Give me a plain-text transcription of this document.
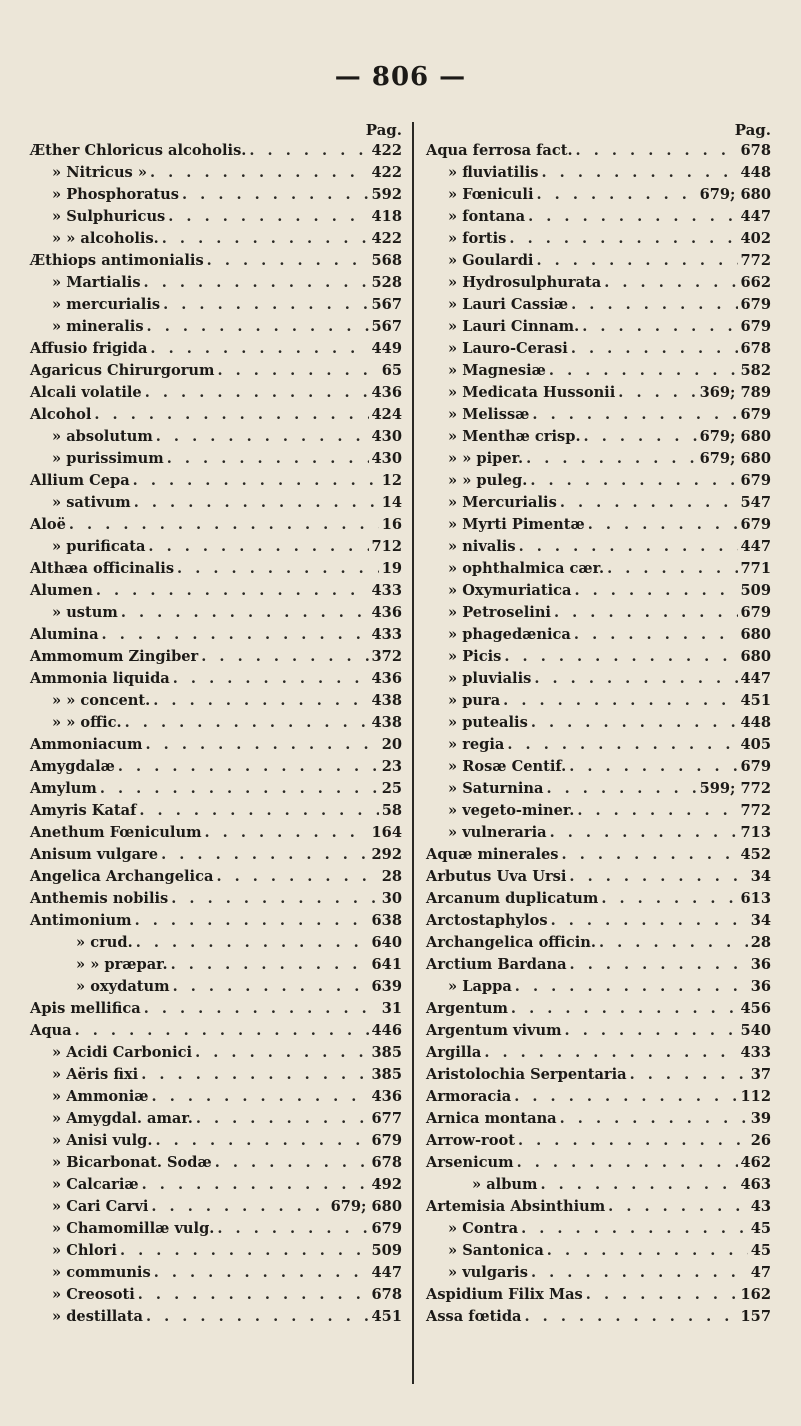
— 806 —
Pag.
Æther Chloricus alcoholis. . . .	422
» Nitricus » . . .	422
» Phosphoratus . . .	592
» Sulphuricus . . .	418
» » alcoholis. . . .	422
Æthiops antimonialis . . .	568
» Martialis . . .	528
» mercurialis . . .	567
» mineralis . . .	567
Affusio frigida . . .	449
Agaricus Chirurgorum . . .	65
Alcali volatile . . .	436
Alcohol . . .	424
» absolutum . . .	430
» purissimum . . .	430
Allium Cepa . . .	12
» sativum . . .	14
Aloë . . .	16
» purificata . . .	712
Althæa officinalis . . .	19
Alumen . . .	433
» ustum . . .	436
Alumina . . .	433
Ammomum Zingiber . . .	372
Ammonia liquida . . .	436
» » concent. . . .	438
» » offic. . . .	438
Ammoniacum . . .	20
Amygdalæ . . .	23
Amylum . . .	25
Amyris Kataf . . .	58
Anethum Fœniculum . . .	164
Anisum vulgare . . .	292
Angelica Archangelica . . .	28
Anthemis nobilis . . .	30
Antimonium . . .	638
» crud. . . .	640
» » præpar. . . .	641
» oxydatum . . .	639
Apis mellifica . . .	31
Aqua . . .	446
» Acidi Carbonici . . .	385
» Aëris fixi . . .	385
» Ammoniæ . . .	436
» Amygdal. amar. . . .	677
» Anisi vulg. . . .	679
» Bicarbonat. Sodæ . . .	678
» Calcariæ . . .	492
» Cari Carvi . . .	679; 680
» Chamomillæ vulg. . . .	679
» Chlori . . .	509
» communis . . .	447
» Creosoti . . .	678
» destillata . . .	451
Pag.
Aqua ferrosa fact. . . .	678
» fluviatilis . . .	448
» Fœniculi . . .	679; 680
» fontana . . .	447
» fortis . . .	402
» Goulardi . . .	772
» Hydrosulphurata . . .	662
» Lauri Cassiæ . . .	679
» Lauri Cinnam. . . .	679
» Lauro-Cerasi . . .	678
» Magnesiæ . . .	582
» Medicata Hussonii . . .	369; 789
» Melissæ . . .	679
» Menthæ crisp. . . .	679; 680
» » piper. . . .	679; 680
» » puleg. . . .	679
» Mercurialis . . .	547
» Myrti Pimentæ . . .	679
» nivalis . . .	447
» ophthalmica cær. . . .	771
» Oxymuriatica . . .	509
» Petroselini . . .	679
» phagedænica . . .	680
» Picis . . .	680
» pluvialis . . .	447
» pura . . .	451
» putealis . . .	448
» regia . . .	405
» Rosæ Centif. . . .	679
» Saturnina . . .	599; 772
» vegeto-miner. . . .	772
» vulneraria . . .	713
Aquæ minerales . . .	452
Arbutus Uva Ursi . . .	34
Arcanum duplicatum . . .	613
Arctostaphylos . . .	34
Archangelica officin. . . .	28
Arctium Bardana . . .	36
» Lappa . . .	36
Argentum . . .	456
Argentum vivum . . .	540
Argilla . . .	433
Aristolochia Serpentaria . . .	37
Armoracia . . .	112
Arnica montana . . .	39
Arrow-root . . .	26
Arsenicum . . .	462
» album . . .	463
Artemisia Absinthium . . .	43
» Contra . . .	45
» Santonica . . .	45
» vulgaris . . .	47
Aspidium Filix Mas . . .	162
Assa fœtida . . .	157
